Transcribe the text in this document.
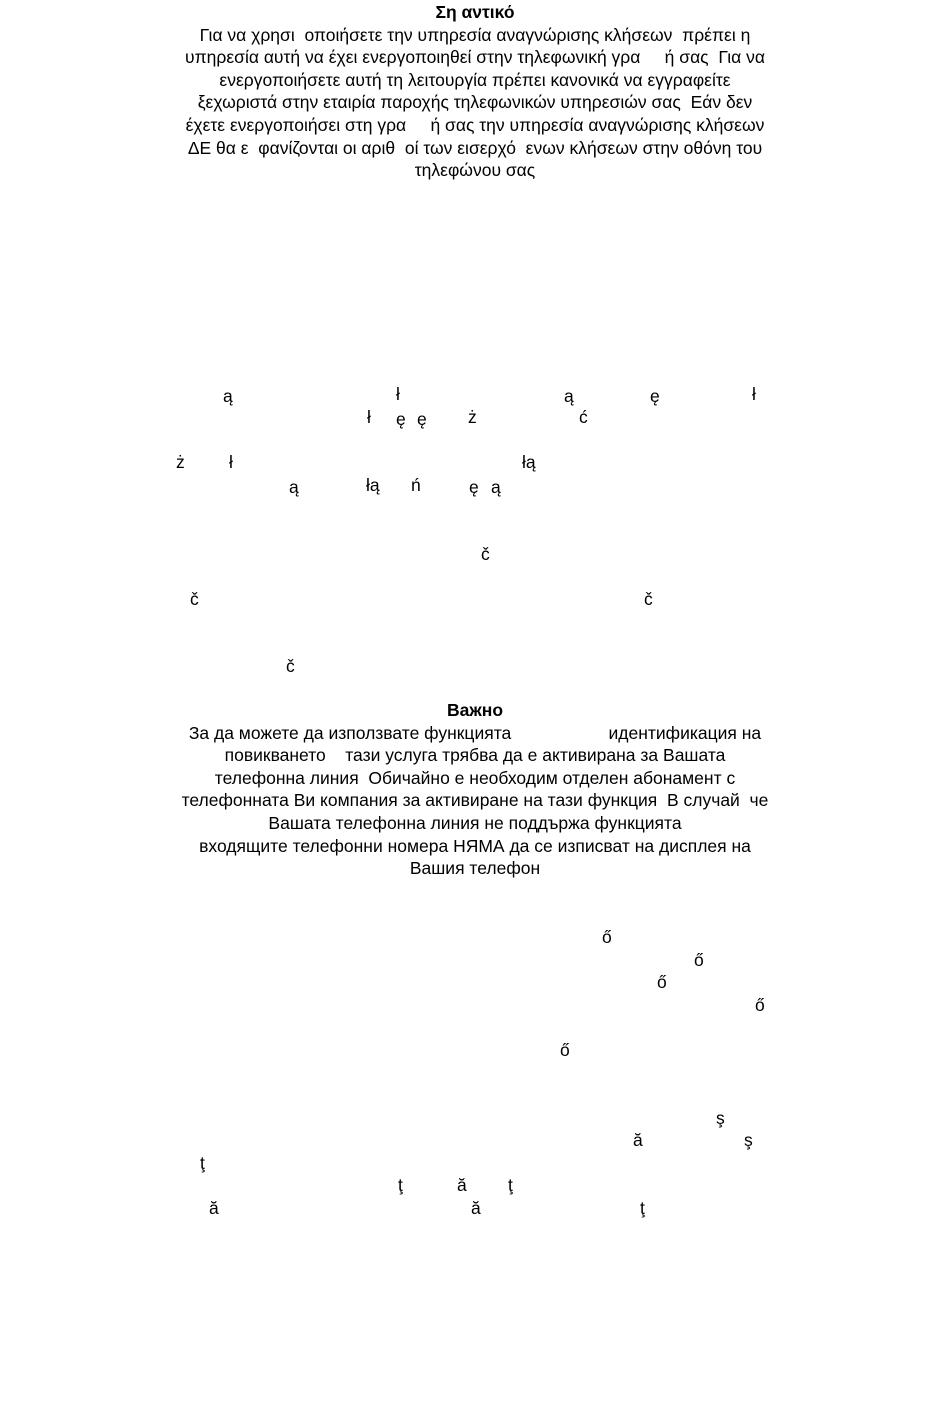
Ση αντικό
Για να χρησι  οποιήσετε την υπηρεσία αναγνώρισης κλήσεων  πρέπει η
υπηρεσία αυτή να έχει ενεργοποιηθεί στην τηλεφωνική γρα     ή σας  Για να
ενεργοποιήσετε αυτή τη λειτουργία πρέπει κανονικά να εγγραφείτε
ξεχωριστά στην εταιρία παροχής τηλεφωνικών υπηρεσιών σας  Εάν δεν
έχετε ενεργοποιήσει στη γρα     ή σας την υπηρεσία αναγνώρισης κλήσεων
ΔΕ θα ε  φανίζονται οι αριθ  οί των εισερχό  ενων κλήσεων στην οθόνη του
τηλεφώνου σας
ą	ł	ą	ę	ł
ł ę ę ż	ć
ż	ł	łą
ą	łą ń	ę ą
č
č	č
č
Важно
За да можете да използвате функцията                    идентификация на
повикването    тази услуга трябва да е активирана за Вашата
телефонна линия  Обичайно е необходим отделен абонамент с
телефонната Ви компания за активиране на тази функция  В случай  че
Вашата телефонна линия не поддържа функцията
входящите телефонни номера НЯМА да се изписват на дисплея на
Вашия телефон
ő
ő
ő
ő
ő
ş
ă	ş
ţ
ţ	ă ţ
ă	ă	ţ
